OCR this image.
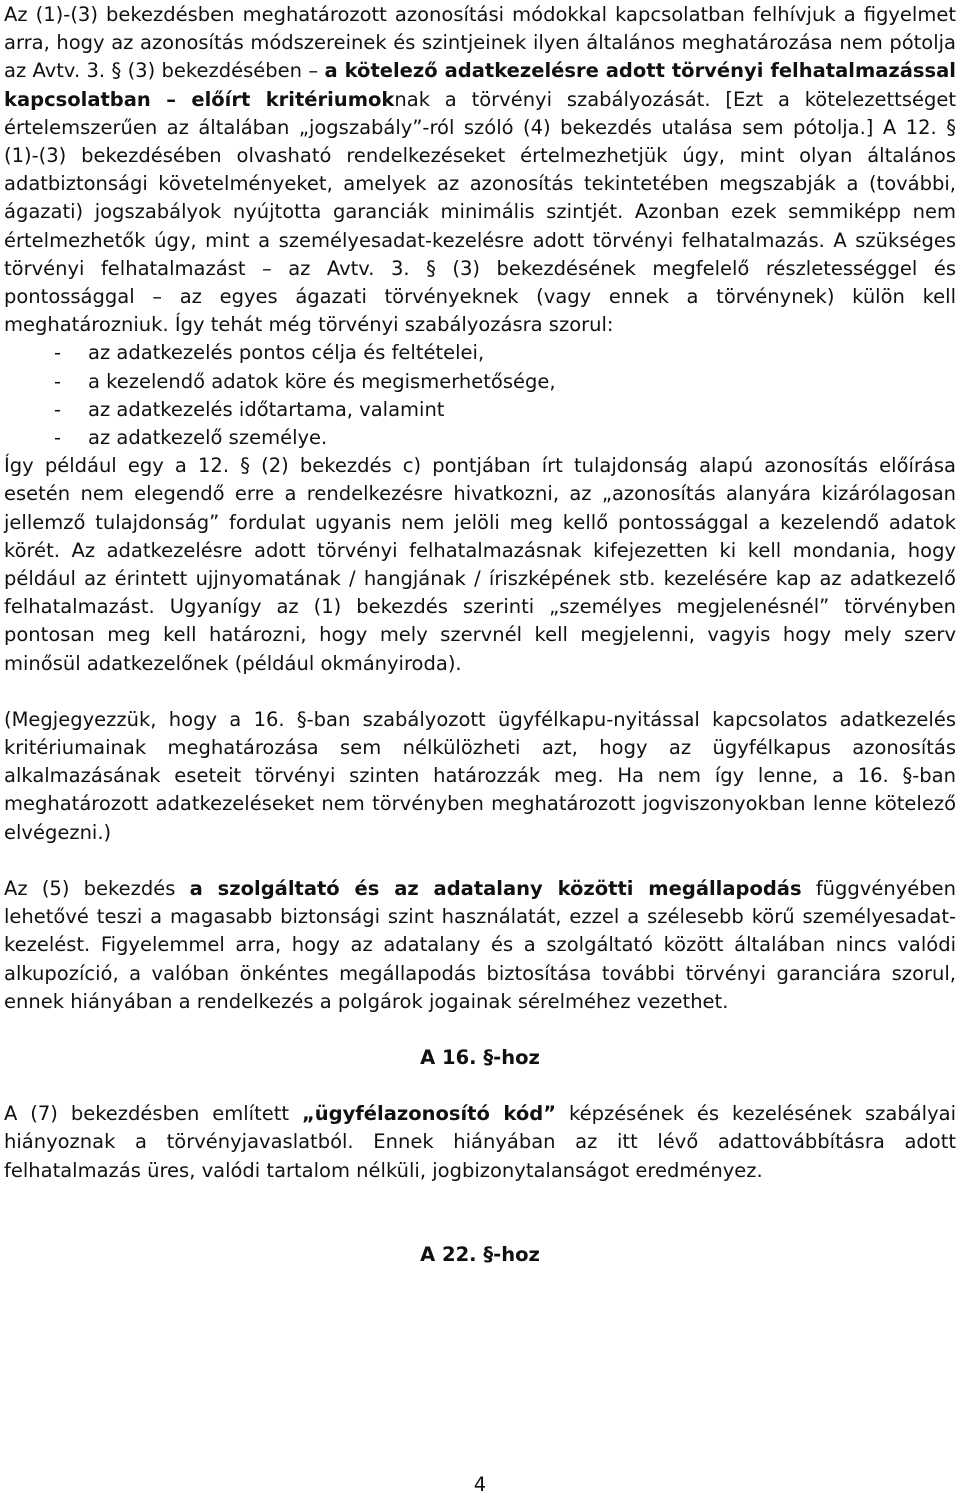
Az (1)-(3) bekezdésben meghatározott azonosítási módokkal kapcsolatban felhívjuk a figyelmet arra, hogy az azonosítás módszereinek és szintjeinek ilyen általános meghatározása nem pótolja az Avtv. 3. § (3) bekezdésében – a kötelező adatkezelésre adott törvényi felhatalmazással kapcsolatban – előírt kritériumoknak a törvényi szabályozását. [Ezt a kötelezettséget értelemszerűen az általában „jogszabály”-ról szóló (4) bekezdés utalása sem pótolja.] A 12. § (1)-(3) bekezdésében olvasható rendelkezéseket értelmezhetjük úgy, mint olyan általános adatbiztonsági követelményeket, amelyek az azonosítás tekintetében megszabják a (további, ágazati) jogszabályok nyújtotta garanciák minimális szintjét. Azonban ezek semmiképp nem értelmezhetők úgy, mint a személyesadat-kezelésre adott törvényi felhatalmazás. A szükséges törvényi felhatalmazást – az Avtv. 3. § (3) bekezdésének megfelelő részletességgel és pontossággal – az egyes ágazati törvényeknek (vagy ennek a törvénynek) külön kell meghatározniuk. Így tehát még törvényi szabályozásra szorul:

- az adatkezelés pontos célja és feltételei,
- a kezelendő adatok köre és megismerhetősége,
- az adatkezelés időtartama, valamint
- az adatkezelő személye.

Így például egy a 12. § (2) bekezdés c) pontjában írt tulajdonság alapú azonosítás előírása esetén nem elegendő erre a rendelkezésre hivatkozni, az „azonosítás alanyára kizárólagosan jellemző tulajdonság” fordulat ugyanis nem jelöli meg kellő pontossággal a kezelendő adatok körét. Az adatkezelésre adott törvényi felhatalmazásnak kifejezetten ki kell mondania, hogy például az érintett ujjnyomatának / hangjának / íriszképének stb. kezelésére kap az adatkezelő felhatalmazást. Ugyanígy az (1) bekezdés szerinti „személyes megjelenésnél” törvényben pontosan meg kell határozni, hogy mely szervnél kell megjelenni, vagyis hogy mely szerv minősül adatkezelőnek (például okmányiroda).

(Megjegyezzük, hogy a 16. §-ban szabályozott ügyfélkapu-nyitással kapcsolatos adatkezelés kritériumainak meghatározása sem nélkülözheti azt, hogy az ügyfélkapus azonosítás alkalmazásának eseteit törvényi szinten határozzák meg. Ha nem így lenne, a 16. §-ban meghatározott adatkezeléseket nem törvényben meghatározott jogviszonyokban lenne kötelező elvégezni.)

Az (5) bekezdés a szolgáltató és az adatalany közötti megállapodás függvényében lehetővé teszi a magasabb biztonsági szint használatát, ezzel a szélesebb körű személyesadat-kezelést. Figyelemmel arra, hogy az adatalany és a szolgáltató között általában nincs valódi alkupozíció, a valóban önkéntes megállapodás biztosítása további törvényi garanciára szorul, ennek hiányában a rendelkezés a polgárok jogainak sérelméhez vezethet.

A 16. §-hoz

A (7) bekezdésben említett „ügyfélazonosító kód” képzésének és kezelésének szabályai hiányoznak a törvényjavaslatból. Ennek hiányában az itt lévő adattovábbításra adott felhatalmazás üres, valódi tartalom nélküli, jogbizonytalanságot eredményez.

A 22. §-hoz

4
